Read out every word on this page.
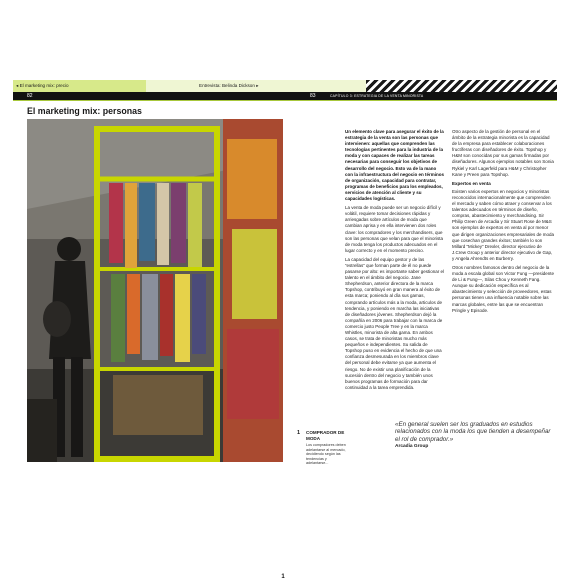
◂ El marketing mix: precio	Entrevista: Belinda Dickson ▸
82	83	CAPÍTULO 3: ESTRATEGIA DE LA VENTA MINORISTA
El marketing mix: personas
1
1 COMPRADOR DE MODA
Los compradores deben adelantarse al mercado, decidiendo según las tendencias y adelantarse...

Un elemento clave para asegurar el éxito de la estrategia de la venta son las personas que intervienen: aquellas que comprenden las tecnologías pertinentes para la industria de la moda y con capaces de realizar las tareas necesarias para conseguir los objetivos de desarrollo del negocio. Esto va de la mano con la infraestructura del negocio en términos de organización, capacidad para contratar, programas de beneficios para los empleados, servicios de atención al cliente y su capacidades logísticas.

La venta de moda puede ser un negocio difícil y volátil, requiere tomar decisiones rápidas y arriesgadas sobre artículos de moda que cambian aprisa y en ella intervienen dos roles clave: los compradores y los merchandisers, que son las personas que velan para que el minorista de moda tenga los productos adecuados en el lugar correcto y en el momento preciso.

La capacidad del equipo gestor y de las “estrellas” que forman parte de él no puede pasarse por alto: es importante saber gestionar el talento en el ámbito del negocio. Jane Shepherdson, anterior directora de la marca Topshop, contribuyó en gran manera al éxito de esta marca; poniendo al día sus gamas, comprando artículos más a la moda, articulos de tendencia, y poniendo en marcha las iniciativas de diseñadores jóvenes. Shepherdson dejó la compañía en 2006 para trabajar con la marca de comercio justo People Tree y en la marca Whistles, minorista de alta gama. En ambos casos, se trata de minoristas mucho más pequeños e independientes. Su salida de Topshop puso en evidencia el hecho de que una confianza desmesurada en los miembros clave del personal debe evitarse ya que aumenta el riesgo. No de existir una planificación de la sucesión dentro del negocio y también unos buenos programas de formación para dar continuidad a la tarea emprendida.

Otro aspecto de la gestión de personal en el ámbito de la estrategia minorista es la capacidad de la empresa para establecer colaboraciones fructíferas con diseñadores de éxito. Topshop y H&M son conocidas por sus gamas firmadas por diseñadores. Algunos ejemplos notables son Sonia Rykiel y Karl Lagerfeld para H&M y Christopher Kane y Preen para Topshop.

Expertos en venta

Existen varios expertos en negocios y minoristas reconocidos internacionalmente que comprenden el mercado y saben cómo atraer y conservar a los talentos adecuados en términos de diseño, compras, abastecimiento y merchandising. Sir Philip Green de Arcadia y Sir Stuart Rose de M&S son ejemplos de expertos en venta al por menor que dirigen organizaciones empresariales de moda que cosechan grandes éxitos; también lo son Millard “Mickey” Drexler, director ejecutivo de J.Crew Group y anterior director ejecutivo de Gap, y Angela Ahrendts en Burberry.

Otros nombres famosos dentro del negocio de la moda a escala global son Victor Fung —presidente de Li & Fung—, Silas Chou y Kenneth Fang. Aunque su dedicación específica es al abastecimiento y selección de proveedores, estas personas tienen una influencia notable sobre las marcas globales, entre las que se encuentran Pringle y Episode.

«En general suelen ser los graduados en estudios relacionados con la moda los que tienden a desempeñar el rol de comprador.»
Arcadia Group
